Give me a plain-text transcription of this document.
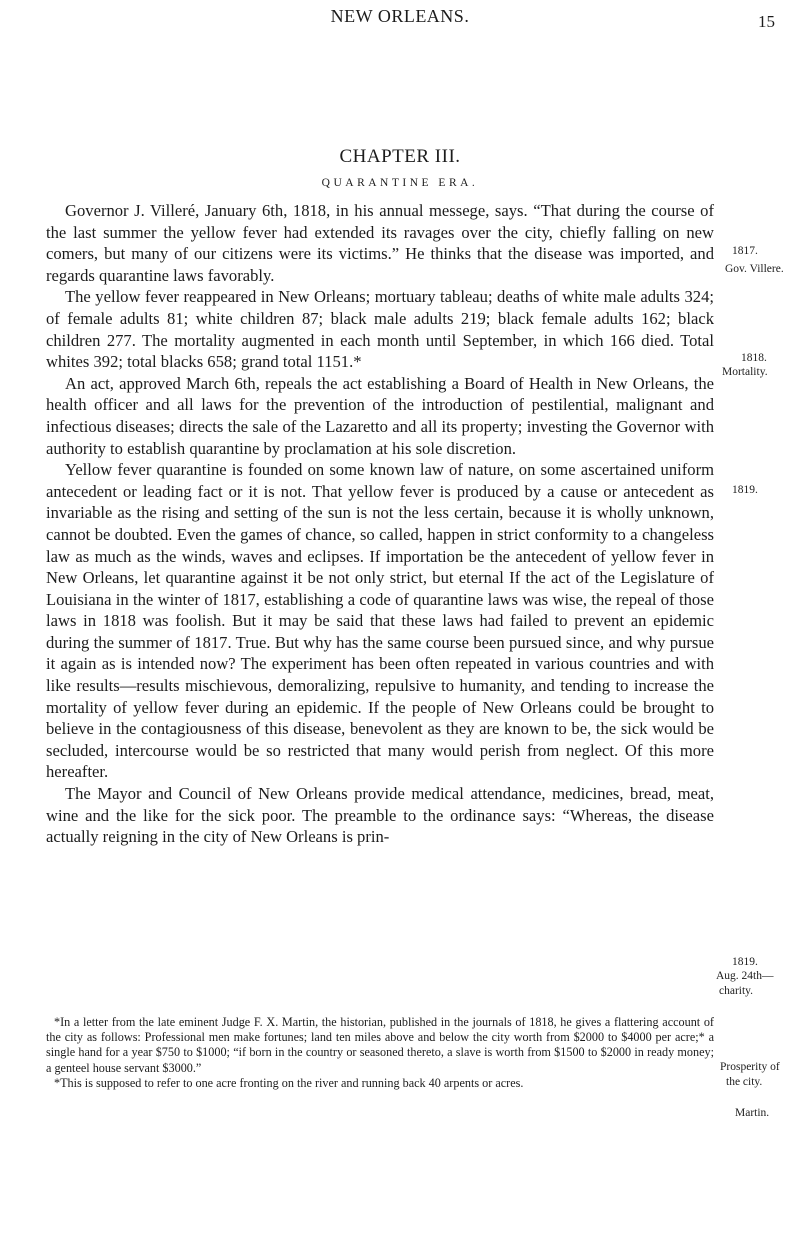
NEW ORLEANS.	15
CHAPTER III.
QUARANTINE ERA.

Governor J. Villeré, January 6th, 1818, in his annual messege, says. “That during the course of the last summer the yellow fever had extended its ravages over the city, chiefly falling on new comers, but many of our citizens were its victims.” He thinks that the disease was imported, and regards quarantine laws favorably.

The yellow fever reappeared in New Orleans; mortuary tableau; deaths of white male adults 324; of female adults 81; white children 87; black male adults 219; black female adults 162; black children 277. The mortality augmented in each month until September, in which 166 died. Total whites 392; total blacks 658; grand total 1151.*

An act, approved March 6th, repeals the act establishing a Board of Health in New Orleans, the health officer and all laws for the prevention of the introduction of pestilential, malignant and infectious diseases; directs the sale of the Lazaretto and all its property; investing the Governor with authority to establish quarantine by proclamation at his sole discretion.

Yellow fever quarantine is founded on some known law of nature, on some ascertained uniform antecedent or leading fact or it is not. That yellow fever is produced by a cause or antecedent as invariable as the rising and setting of the sun is not the less certain, because it is wholly unknown, cannot be doubted. Even the games of chance, so called, happen in strict conformity to a changeless law as much as the winds, waves and eclipses. If importation be the antecedent of yellow fever in New Orleans, let quarantine against it be not only strict, but eternal If the act of the Legislature of Louisiana in the winter of 1817, establishing a code of quarantine laws was wise, the repeal of those laws in 1818 was foolish. But it may be said that these laws had failed to prevent an epidemic during the summer of 1817. True. But why has the same course been pursued since, and why pursue it again as is intended now? The experiment has been often repeated in various countries and with like results—results mischievous, demoralizing, repulsive to humanity, and tending to increase the mortality of yellow fever during an epidemic. If the people of New Orleans could be brought to believe in the contagiousness of this disease, benevolent as they are known to be, the sick would be secluded, intercourse would be so restricted that many would perish from neglect. Of this more hereafter.

The Mayor and Council of New Orleans provide medical attendance, medicines, bread, meat, wine and the like for the sick poor. The preamble to the ordinance says: “Whereas, the disease actually reigning in the city of New Orleans is prin-

1817.
Gov. Villere.
1818.
Mortality.
1819.
1819.
Aug. 24th—
charity.
Prosperity of
the city.
Martin.

*In a letter from the late eminent Judge F. X. Martin, the historian, published in the journals of 1818, he gives a flattering account of the city as follows: Professional men make fortunes; land ten miles above and below the city worth from $2000 to $4000 per acre;* a single hand for a year $750 to $1000; “if born in the country or seasoned thereto, a slave is worth from $1500 to $2000 in ready money; a genteel house servant $3000.”

*This is supposed to refer to one acre fronting on the river and running back 40 arpents or acres.
